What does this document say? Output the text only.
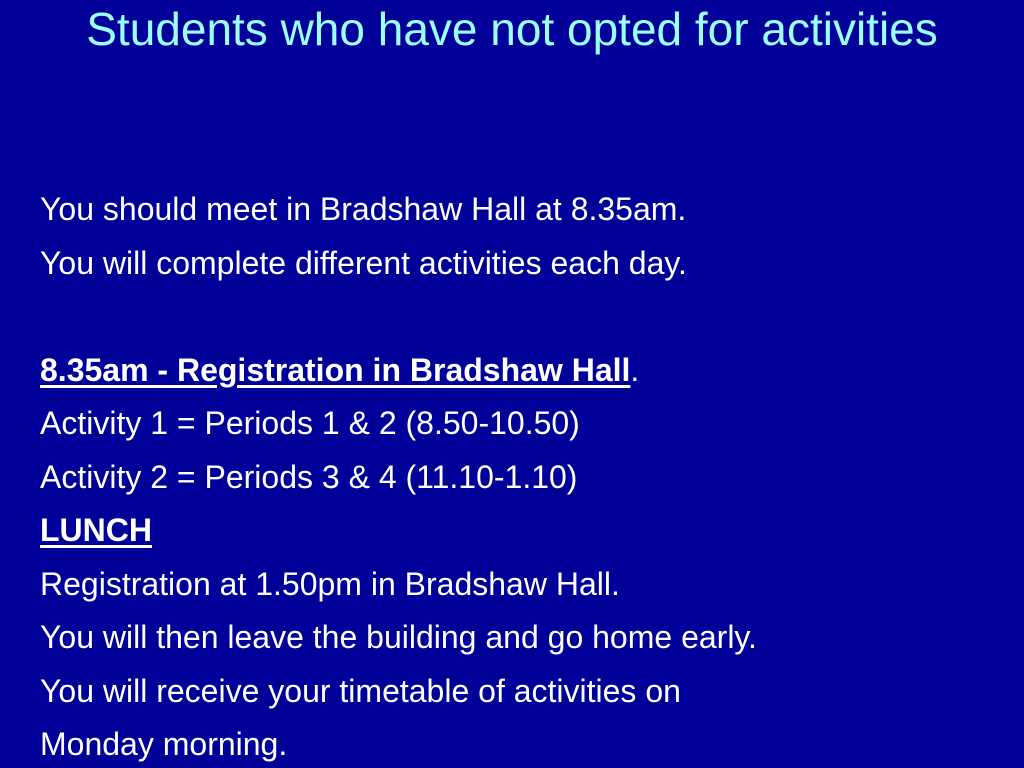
Students who have not opted for activities
You should meet in Bradshaw Hall at 8.35am.
You will complete different activities each day.
8.35am - Registration in Bradshaw Hall.
Activity 1 = Periods 1 & 2 (8.50-10.50)
Activity 2 = Periods 3 & 4 (11.10-1.10)
LUNCH
Registration at 1.50pm in Bradshaw Hall.
You will then leave the building and go home early.
You will receive your timetable of activities on
Monday morning.
